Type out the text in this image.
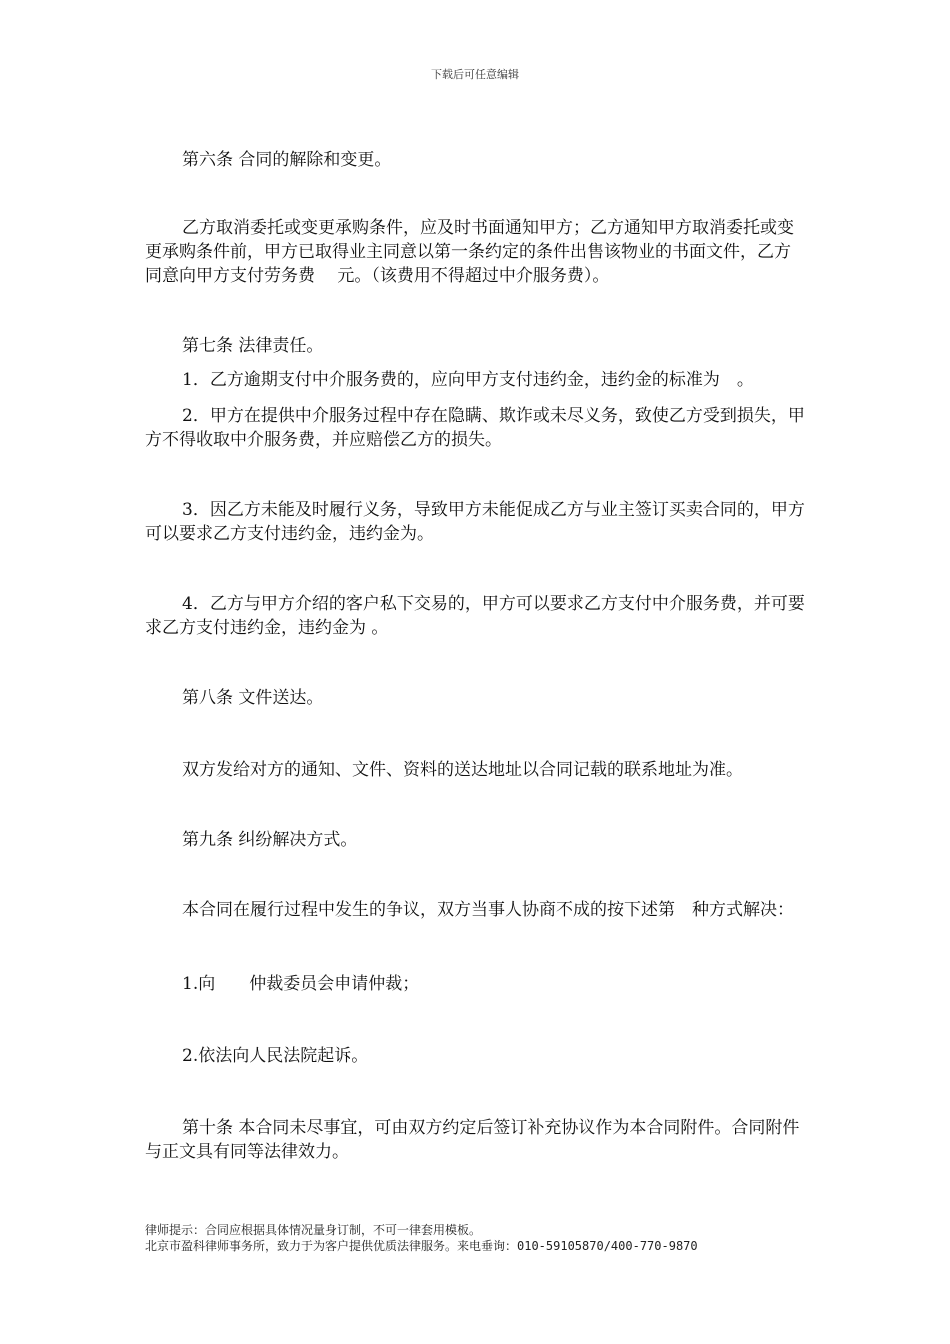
下载后可任意编辑

第六条 合同的解除和变更。

乙方取消委托或变更承购条件，应及时书面通知甲方；乙方通知甲方取消委托或变更承购条件前，甲方已取得业主同意以第一条约定的条件出售该物业的书面文件，乙方同意向甲方支付劳务费　 元。（该费用不得超过中介服务费）。

第七条 法律责任。

1．乙方逾期支付中介服务费的，应向甲方支付违约金，违约金的标准为　。

2．甲方在提供中介服务过程中存在隐瞒、欺诈或未尽义务，致使乙方受到损失，甲方不得收取中介服务费，并应赔偿乙方的损失。

3．因乙方未能及时履行义务，导致甲方未能促成乙方与业主签订买卖合同的，甲方可以要求乙方支付违约金，违约金为。

4．乙方与甲方介绍的客户私下交易的，甲方可以要求乙方支付中介服务费，并可要求乙方支付违约金，违约金为 。

第八条 文件送达。

双方发给对方的通知、文件、资料的送达地址以合同记载的联系地址为准。

第九条 纠纷解决方式。

本合同在履行过程中发生的争议，双方当事人协商不成的按下述第　种方式解决：

1.向　　仲裁委员会申请仲裁；

2.依法向人民法院起诉。

第十条 本合同未尽事宜，可由双方约定后签订补充协议作为本合同附件。合同附件与正文具有同等法律效力。

律师提示：合同应根据具体情况量身订制，不可一律套用模板。
北京市盈科律师事务所，致力于为客户提供优质法律服务。来电垂询：010-59105870/400-770-9870
